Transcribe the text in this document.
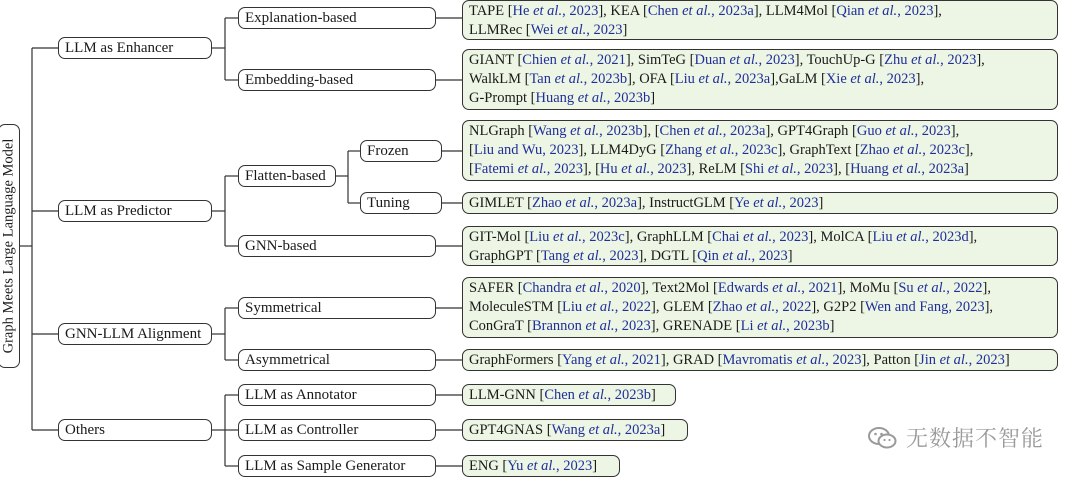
Graph Meets Large Language Model
LLM as Enhancer
LLM as Predictor
GNN-LLM Alignment
Others
Explanation-based
Embedding-based
Flatten-based
GNN-based
Symmetrical
Asymmetrical
LLM as Annotator
LLM as Controller
LLM as Sample Generator
Frozen
Tuning
TAPE [He et al., 2023], KEA [Chen et al., 2023a], LLM4Mol [Qian et al., 2023],
LLMRec [Wei et al., 2023]
GIANT [Chien et al., 2021], SimTeG [Duan et al., 2023], TouchUp-G [Zhu et al., 2023],
WalkLM [Tan et al., 2023b], OFA [Liu et al., 2023a],GaLM [Xie et al., 2023],
G-Prompt [Huang et al., 2023b]
NLGraph [Wang et al., 2023b], [Chen et al., 2023a], GPT4Graph [Guo et al., 2023],
[Liu and Wu, 2023], LLM4DyG [Zhang et al., 2023c], GraphText [Zhao et al., 2023c],
[Fatemi et al., 2023], [Hu et al., 2023], ReLM [Shi et al., 2023], [Huang et al., 2023a]
GIMLET [Zhao et al., 2023a], InstructGLM [Ye et al., 2023]
GIT-Mol [Liu et al., 2023c], GraphLLM [Chai et al., 2023], MolCA [Liu et al., 2023d],
GraphGPT [Tang et al., 2023], DGTL [Qin et al., 2023]
SAFER [Chandra et al., 2020], Text2Mol [Edwards et al., 2021], MoMu [Su et al., 2022],
MoleculeSTM [Liu et al., 2022], GLEM [Zhao et al., 2022], G2P2 [Wen and Fang, 2023],
ConGraT [Brannon et al., 2023], GRENADE [Li et al., 2023b]
GraphFormers [Yang et al., 2021], GRAD [Mavromatis et al., 2023], Patton [Jin et al., 2023]
LLM-GNN [Chen et al., 2023b]
GPT4GNAS [Wang et al., 2023a]
ENG [Yu et al., 2023]
无数据不智能
